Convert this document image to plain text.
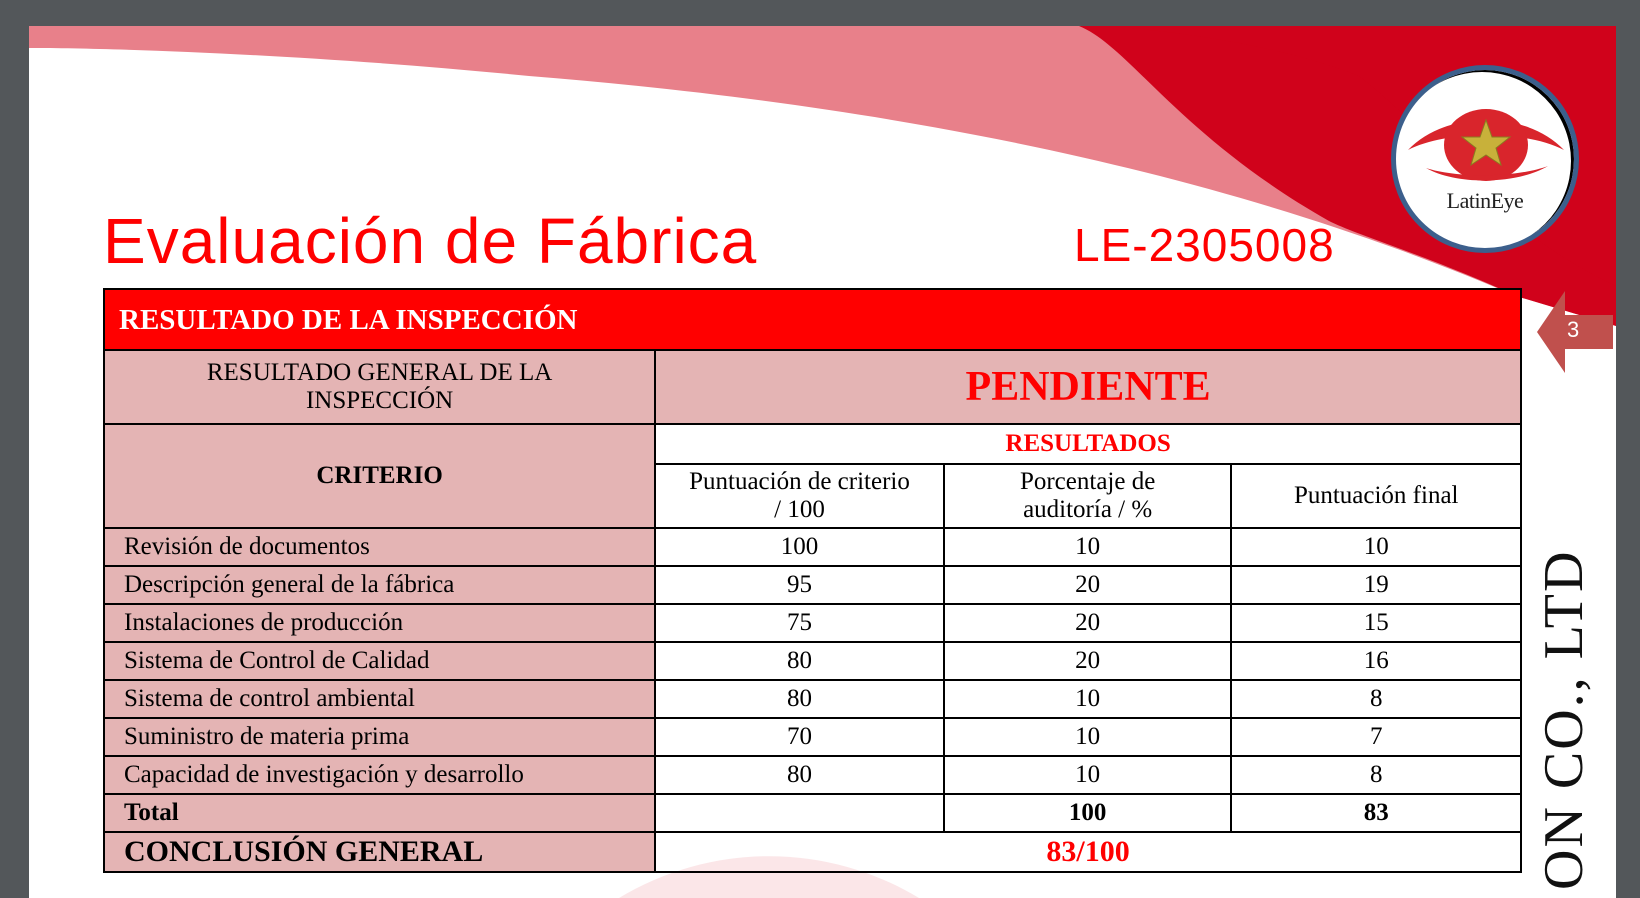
Evaluación de Fábrica	LE-2305008
LatinEye
3
ON CO., LTD
RESULTADO DE LA INSPECCIÓN			
RESULTADO GENERAL DE LA INSPECCIÓN	PENDIENTE		
CRITERIO	RESULTADOS		
	Puntuación de criterio / 100	Porcentaje de auditoría / %	Puntuación final
Revisión de documentos	100	10	10
Descripción general de la fábrica	95	20	19
Instalaciones de producción	75	20	15
Sistema de Control de Calidad	80	20	16
Sistema de control ambiental	80	10	8
Suministro de materia prima	70	10	7
Capacidad de investigación y desarrollo	80	10	8
Total		100	83
CONCLUSIÓN GENERAL	83/100		
